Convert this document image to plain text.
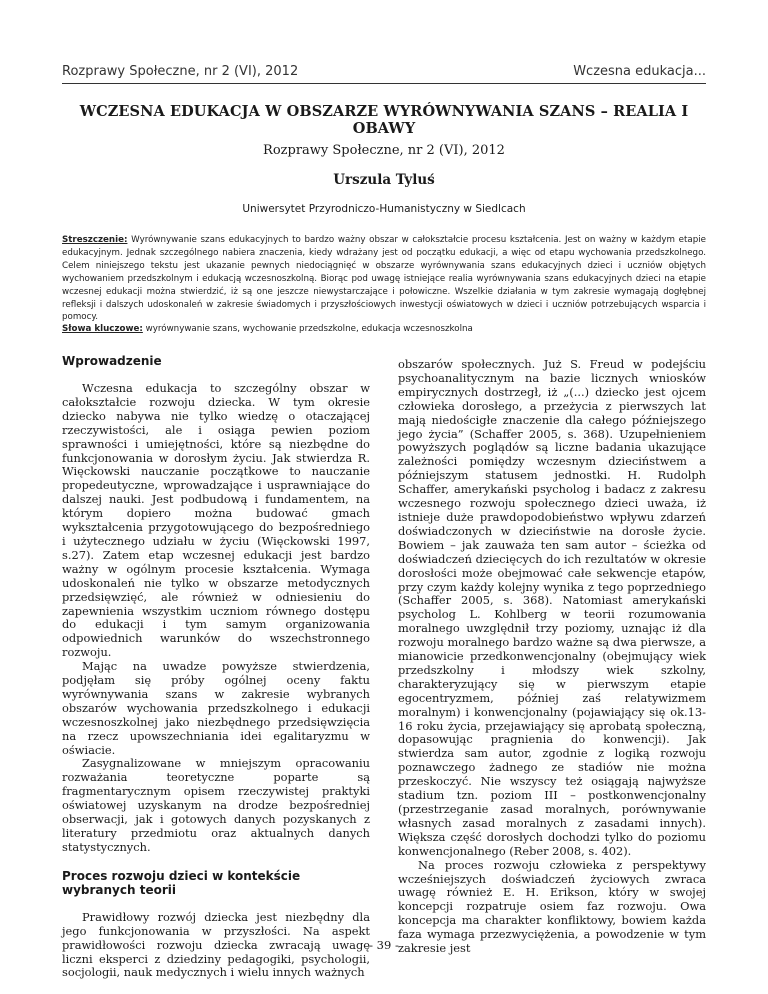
Rozprawy Społeczne, nr 2 (VI), 2012	Wczesna edukacja...
WCZESNA EDUKACJA W OBSZARZE WYRÓWNYWANIA SZANS – REALIA I OBAWY
Rozprawy Społeczne, nr 2 (VI), 2012
Urszula Tyluś
Uniwersytet Przyrodniczo-Humanistyczny w Siedlcach
Streszczenie: Wyrównywanie szans edukacyjnych to bardzo ważny obszar w całokształcie procesu kształcenia. Jest on ważny w każdym etapie edukacyjnym. Jednak szczególnego nabiera znaczenia, kiedy wdrażany jest od początku edukacji, a więc od etapu wychowania przedszkolnego. Celem niniejszego tekstu jest ukazanie pewnych niedociągnięć w obszarze wyrównywania szans edukacyjnych dzieci i uczniów objętych wychowaniem przedszkolnym i edukacją wczesnoszkolną. Biorąc pod uwagę istniejące realia wyrównywania szans edukacyjnych dzieci na etapie wczesnej edukacji można stwierdzić, iż są one jeszcze niewystarczające i połowiczne. Wszelkie działania w tym zakresie wymagają dogłębnej refleksji i dalszych udoskonaleń w zakresie świadomych i przyszłościowych inwestycji oświatowych w dzieci i uczniów potrzebujących wsparcia i pomocy.
Słowa kluczowe: wyrównywanie szans, wychowanie przedszkolne, edukacja wczesnoszkolna
Wprowadzenie

Wczesna edukacja to szczególny obszar w całokształcie rozwoju dziecka. W tym okresie dziecko nabywa nie tylko wiedzę o otaczającej rzeczywistości, ale i osiąga pewien poziom sprawności i umiejętności, które są niezbędne do funkcjonowania w dorosłym życiu. Jak stwierdza R. Więckowski nauczanie początkowe to nauczanie propedeutyczne, wprowadzające i usprawniające do dalszej nauki. Jest podbudową i fundamentem, na którym dopiero można budować gmach wykształcenia przygotowującego do bezpośredniego i użytecznego udziału w życiu (Więckowski 1997, s.27). Zatem etap wczesnej edukacji jest bardzo ważny w ogólnym procesie kształcenia. Wymaga udoskonaleń nie tylko w obszarze metodycznych przedsięwzięć, ale również w odniesieniu do zapewnienia wszystkim uczniom równego dostępu do edukacji i tym samym organizowania odpowiednich warunków do wszechstronnego rozwoju.

Mając na uwadze powyższe stwierdzenia, podjęłam się próby ogólnej oceny faktu wyrównywania szans w zakresie wybranych obszarów wychowania przedszkolnego i edukacji wczesnoszkolnej jako niezbędnego przedsięwzięcia na rzecz upowszechniania idei egalitaryzmu w oświacie.

Zasygnalizowane w mniejszym opracowaniu rozważania teoretyczne poparte są fragmentarycznym opisem rzeczywistej praktyki oświatowej uzyskanym na drodze bezpośredniej obserwacji, jak i gotowych danych pozyskanych z literatury przedmiotu oraz aktualnych danych statystycznych.

Proces rozwoju dzieci w kontekście wybranych teorii

Prawidłowy rozwój dziecka jest niezbędny dla jego funkcjonowania w przyszłości. Na aspekt prawidłowości rozwoju dziecka zwracają uwagę liczni eksperci z dziedziny pedagogiki, psychologii, socjologii, nauk medycznych i wielu innych ważnych

obszarów społecznych. Już S. Freud w podejściu psychoanalitycznym na bazie licznych wniosków empirycznych dostrzegł, iż „(...) dziecko jest ojcem człowieka dorosłego, a przeżycia z pierwszych lat mają niedościgłe znaczenie dla całego późniejszego jego życia” (Schaffer 2005, s. 368). Uzupełnieniem powyższych poglądów są liczne badania ukazujące zależności pomiędzy wczesnym dzieciństwem a późniejszym statusem jednostki. H. Rudolph Schaffer, amerykański psycholog i badacz z zakresu wczesnego rozwoju społecznego dzieci uważa, iż istnieje duże prawdopodobieństwo wpływu zdarzeń doświadczonych w dzieciństwie na dorosłe życie. Bowiem – jak zauważa ten sam autor – ścieżka od doświadczeń dziecięcych do ich rezultatów w okresie dorosłości może obejmować całe sekwencje etapów, przy czym każdy kolejny wynika z tego poprzedniego (Schaffer 2005, s. 368). Natomiast amerykański psycholog L. Kohlberg w teorii rozumowania moralnego uwzględnił trzy poziomy, uznając iż dla rozwoju moralnego bardzo ważne są dwa pierwsze, a mianowicie przedkonwencjonalny (obejmujący wiek przedszkolny i młodszy wiek szkolny, charakteryzujący się w pierwszym etapie egocentryzmem, później zaś relatywizmem moralnym) i konwencjonalny (pojawiający się ok.13-16 roku życia, przejawiający się aprobatą społeczną, dopasowując pragnienia do konwencji). Jak stwierdza sam autor, zgodnie z logiką rozwoju poznawczego żadnego ze stadiów nie można przeskoczyć. Nie wszyscy też osiągają najwyższe stadium tzn. poziom III – postkonwencjonalny (przestrzeganie zasad moralnych, porównywanie własnych zasad moralnych z zasadami innych). Większa część dorosłych dochodzi tylko do poziomu konwencjonalnego (Reber 2008, s. 402).

Na proces rozwoju człowieka z perspektywy wcześniejszych doświadczeń życiowych zwraca uwagę również E. H. Erikson, który w swojej koncepcji rozpatruje osiem faz rozwoju. Owa koncepcja ma charakter konfliktowy, bowiem każda faza wymaga przezwyciężenia, a powodzenie w tym zakresie jest

- 39 -
